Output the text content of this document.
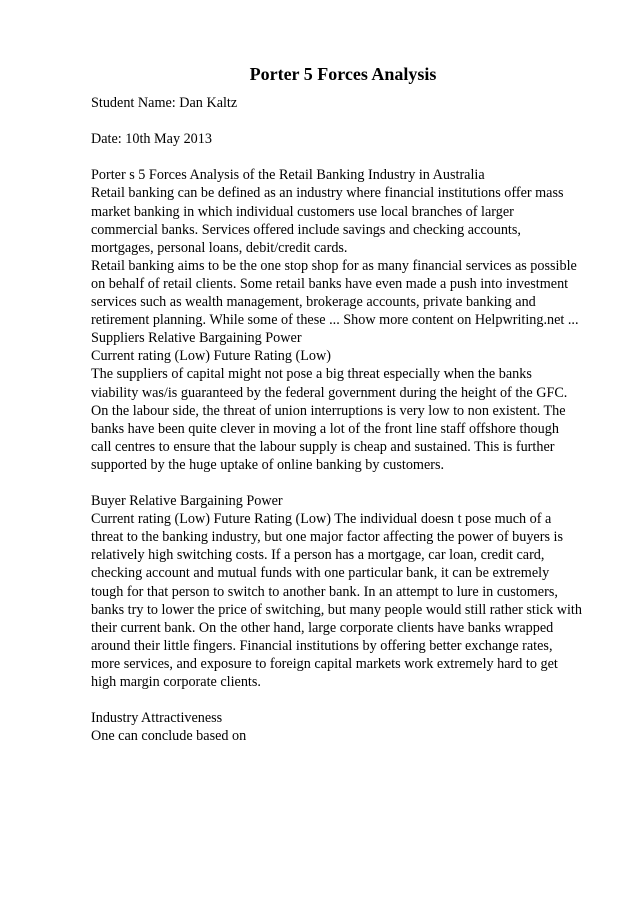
Porter 5 Forces Analysis
Student Name: Dan Kaltz
Date: 10th May 2013
Porter s 5 Forces Analysis of the Retail Banking Industry in Australia
Retail banking can be defined as an industry where financial institutions offer mass
market banking in which individual customers use local branches of larger
commercial banks. Services offered include savings and checking accounts,
mortgages, personal loans, debit/credit cards.
Retail banking aims to be the one stop shop for as many financial services as possible
on behalf of retail clients. Some retail banks have even made a push into investment
services such as wealth management, brokerage accounts, private banking and
retirement planning. While some of these ... Show more content on Helpwriting.net ...
Suppliers Relative Bargaining Power
Current rating (Low) Future Rating (Low)
The suppliers of capital might not pose a big threat especially when the banks
viability was/is guaranteed by the federal government during the height of the GFC.
On the labour side, the threat of union interruptions is very low to non existent. The
banks have been quite clever in moving a lot of the front line staff offshore though
call centres to ensure that the labour supply is cheap and sustained. This is further
supported by the huge uptake of online banking by customers.
Buyer Relative Bargaining Power
Current rating (Low) Future Rating (Low) The individual doesn t pose much of a
threat to the banking industry, but one major factor affecting the power of buyers is
relatively high switching costs. If a person has a mortgage, car loan, credit card,
checking account and mutual funds with one particular bank, it can be extremely
tough for that person to switch to another bank. In an attempt to lure in customers,
banks try to lower the price of switching, but many people would still rather stick with
their current bank. On the other hand, large corporate clients have banks wrapped
around their little fingers. Financial institutions by offering better exchange rates,
more services, and exposure to foreign capital markets work extremely hard to get
high margin corporate clients.
Industry Attractiveness
One can conclude based on
